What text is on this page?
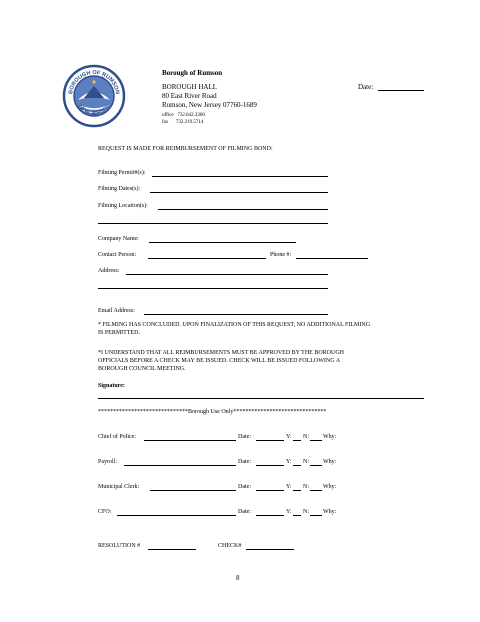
BOROUGH OF RUMSON
NEW JERSEY
Borough of Rumson
BOROUGH HALL
80 East River Road
Rumson, New Jersey 07760-1689
office 732.842.3300
fax 732.219.5714
Date:
REQUEST IS MADE FOR REIMBURSEMENT OF FILMING BOND:
Filming Permit#(s):
Filming Dates(s):
Filming Location(s):
Company Name:
Contact Person:	Phone #:
Address:
Email Address:
* FILMING HAS CONCLUDED. UPON FINALIZATION OF THIS REQUEST, NO ADDITIONAL FILMING
IS PERMITTED.
*I UNDERSTAND THAT ALL REIMBURSEMENTS MUST BE APPROVED BY THE BOROUGH
OFFICIALS BEFORE A CHECK MAY BE ISSUED. CHECK WILL BE ISSUED FOLLOWING A
BOROUGH COUNCIL MEETING.
Signature:
******************************Borough Use Only*******************************
Chief of Police:	Date:	Y: N: Why:
Payroll:	Date:	Y: N: Why:
Municipal Clerk:	Date:	Y: N: Why:
CFO:	Date:	Y: N: Why:
RESOLUTION #	CHECK#
8
